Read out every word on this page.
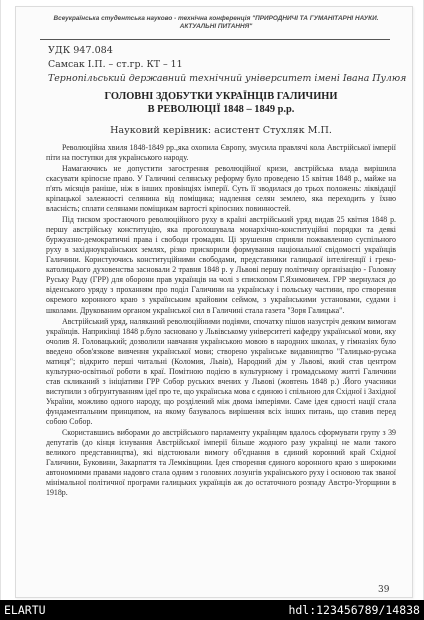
Всеукраїнська студентська науково - технічна конференція "ПРИРОДНИЧІ ТА ГУМАНІТАРНІ НАУКИ. АКТУАЛЬНІ ПИТАННЯ"
УДК 947.084
Самсак І.П. – ст.гр. КТ – 11
Тернопільський державний технічний університет імені Івана Пулюя
ГОЛОВНІ ЗДОБУТКИ УКРАЇНЦІВ ГАЛИЧИНИ
В РЕВОЛЮЦІЇ 1848 – 1849 р.р.
Науковий керівник: асистент Стухляк М.П.

Революційна хвиля 1848-1849 рр.,яка охопила Європу, змусила правлячі кола Австрійської імперії піти на поступки для українського народу.

Намагаючись не допустити загострення революційної кризи, австрійська влада вирішила скасувати кріпосне право. У Галичині селянську реформу було проведено 15 квітня 1848 р., майже на п'ять місяців раніше, ніж в інших провінціях імперії. Суть її зводилася до трьох положень: ліквідації кріпацької залежності селянина від поміщика; надлення селян землею, яка переходить у їхню власність; сплати селянами поміщикам вартості кріпосних повинностей.

Під тиском зростаючого революційного руху в країні австрійський уряд видав 25 квітня 1848 р. першу австрійську конституцію, яка проголошувала монархічно-конституційні порядки та деякі буржуазно-демократичні права і свободи громадян. Ці зрушення сприяли пожвавленню суспільного руху в західноукраїнських землях, різко прискорили формування національної свідомості українців Галичини. Користуючись конституційними свободами, представники галицької інтелігенції і греко-католицького духовенства засновали 2 травня 1848 р. у Львові першу політичну організацію - Головну Руську Раду (ГРР) для оборони прав українців на чолі з єпископом Г.Яхимовичем. ГРР звернулася до віденського уряду з проханням про поділ Галичини на українську і польську частини, про створення окремого коронного краю з українським крайовим сеймом, з українськими установами, судами і школами. Друкованим органом української сил в Галичині стала газета "Зоря Галицька".

Австрійський уряд, наляканий революційними подіями, спочатку пішов назустріч деяким вимогам українців. Наприкінці 1848 р.було засновано у Львівському університеті кафедру української мови, яку очолив Я. Головацький; дозволили навчання українською мовою в народних школах, у гімназіях було введено обов'язкове вивчення української мови; створено українське видавництво "Галицько-руська матиця"; відкрито перші читальні (Коломия, Львів), Народний дім у Львові, який став центром культурно-освітньої роботи в краї. Помітною подією в культурному і громадському житті Галичини став скликаний з ініціативи ГРР Собор руських вчених у Львові (жовтень 1848 р.) .Його учасники виступили з обгрунтуванням ідеї про те, що українська мова є єдиною і спільною для Східної і Західної України, можливо одного народу, що розділений між двома імперіями. Саме ідея єдності нації стала фундаментальним принципом, на якому базувалось вирішення всіх інших питань, що ставив перед собою Собор.

Скориставшись виборами до австрійського парламенту українцям вдалось сформувати групу з 39 депутатів (до кінця існування Австрійської імперії більше жодного разу українці не мали такого великого представництва), які відстоювали вимогу об'єднання в єдиний коронний край Східної Галичини, Буковини, Закарпаття та Лемківщини. Ідея створення єдиного коронного краю з широкими автономними правами надовго стала одним з головних лозунгів українського руху і основою так званої мінімальної політичної програми галицьких українців аж до остаточного розпаду Австро-Угорщини в 1918р.

39
ELARTU	hdl:123456789/14838
